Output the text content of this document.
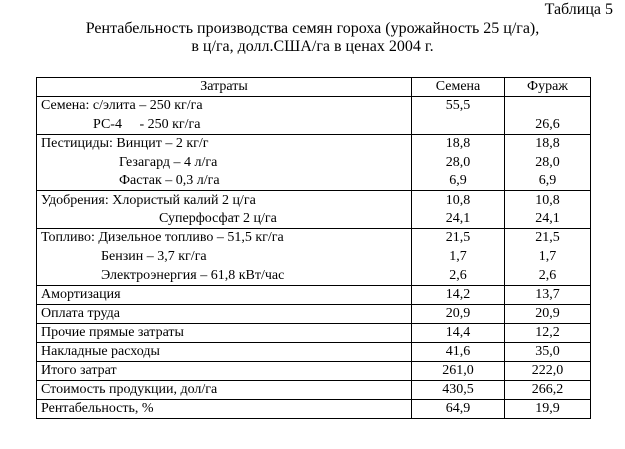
Таблица 5
Рентабельность производства семян гороха (урожайность 25 ц/га),
в ц/га, долл.США/га в ценах 2004 г.
Затраты	Семена	Фураж
Семена: с/элита – 250 кг/га	55,5	
РС-4     - 250 кг/га		26,6
Пестициды: Винцит – 2 кг/г	18,8	18,8
Гезагард – 4 л/га	28,0	28,0
Фастак – 0,3 л/га	6,9	6,9
Удобрения: Хлористый калий 2 ц/га	10,8	10,8
Суперфосфат 2 ц/га	24,1	24,1
Топливо: Дизельное топливо – 51,5 кг/га	21,5	21,5
Бензин – 3,7 кг/га	1,7	1,7
Электроэнергия – 61,8 кВт/час	2,6	2,6
Амортизация	14,2	13,7
Оплата труда	20,9	20,9
Прочие прямые затраты	14,4	12,2
Накладные расходы	41,6	35,0
Итого затрат	261,0	222,0
Стоимость продукции, дол/га	430,5	266,2
Рентабельность, %	64,9	19,9
